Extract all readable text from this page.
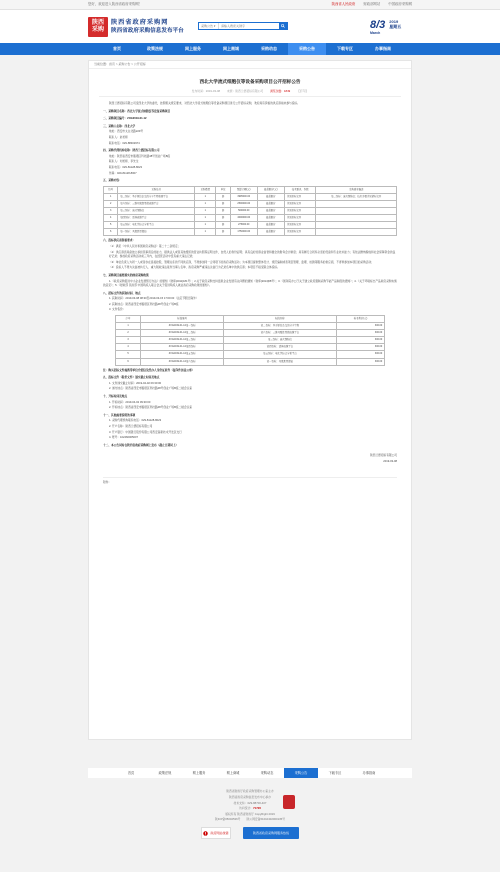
您好，欢迎进入陕西省政府采购网！	陕西省人民政府 财政部网站 中国政府采购网
陕西
采购
陕西省政府采购网
陕西省政府采购信息发布平台
采购公告 ▾
请输入搜索关键字	8/3
March
2019
星期五
首页	政策法规	网上服务	网上商城	采购动态	采购公告	下载专区	办事指南
当前位置：首页 > 采购公告 > 公开招标
西北大学流式细胞仪等设备采购项目公开招标公告
发布时间：2019-03-08 来源：陕西兰德招标有限公司 浏览次数：1849 【打印】

陕西兰德招标有限公司受西北大学的委托，按照相关规定要求，对西北大学流式细胞仪等设备采购项目进行公开招标采购，欢迎具有资格的供应商前来参与投标。

一、采购项目名称：西北大学流式细胞仪等设备采购项目

二、采购项目编号：ZXG2019-01-12

三、采购人名称：西北大学

地址：西安市太白北路229号

联系人：赵老师

联系电话：029-88302974

四、采购代理机构名称：陕西兰德招标有限公司

地址：陕西省西安市雁塔区科技路48号创业广场B座

联系人：刘老师、李先生

联系电话：029-81128-8023

传真：029-81128-8007

五、采购内容：

包号	采购品目	采购数量	单位	预算金额(元)	最高限价(元)	技术要求、参数	采购需求描述
1	第二包标：基于原位杂交的分子生物检测平台	1	套	3995000.00	最高限价	详见招标文件	第二包标：流式细胞仪；技术参数详见招标文件
2	第六包标：三维共聚焦显微成像平台	1	套	2500000.00	最高限价	详见招标文件	
3	第三包标：流式细胞仪	1	套	500000.00	最高限价	详见招标文件	
4	第四包标：活体成像平台	1	套	4000000.00	最高限价	详见招标文件	
5	第五包标：电化学综合分析平台	1	套	275000.00	最高限价	详见招标文件	
6	第一包标：共聚焦显微镜	1	套	1750000.00	最高限价	详见招标文件	

六、投标供应商资格要求：

（1）满足《中华人民共和国政府采购法》第二十二条规定；

（2）供应商需具备独立承担民事责任的能力，提供法人或者其他组织的营业执照等证明文件，自然人的身份证明；具有良好的商业信誉和健全的财务会计制度；具有履行合同所必需的设备和专业技术能力；有依法缴纳税收和社会保障资金的良好记录；参加政府采购活动前三年内，在经营活动中没有重大违法记录；

（3）单位负责人为同一人或者存在直接控股、管理关系的不同供应商，不得参加同一合同项下的政府采购活动；为本项目提供整体设计、规范编制或者项目管理、监理、检测等服务的供应商，不得再参加本项目的采购活动；

（4）投标人不得为失信被执行人、重大税收违法案件当事人名单、政府采购严重违法失信行为记录名单中的供应商；本项目不接受联合体投标。

七、采购项目需要落实的政府采购政策

1.《政府采购促进中小企业发展暂行办法》的通知（财库[2011]181号）；2.关于政府采购支持监狱企业发展有关问题的通知（财库[2014]68号）；3.《国务院办公厅关于建立政府强制采购节能产品制度的通知》；4.《关于环境标志产品政府采购实施的意见》；5.《财政部 民政部 中国残疾人联合会关于促进残疾人就业政府采购政策的通知》。

八、招标文件的获取时间、地点

1. 获取时间：2019-03-08 08:30至2019-03-15 17:00:00（法定节假日除外）

2. 获取地点：陕西省西安市雁塔区科技路48号创业广场B座

3. 文件售价：

序号	标段编号	标段名称	标书售价(元)
1	ZXG2019-01-12第一包标	第二包标：基于原位杂交的分子生物	300.00
2	ZXG2019-01-12第二包标	第六包标：三维共聚焦显微成像平台	300.00
3	ZXG2019-01-12第三包标	第三包标：流式细胞仪	300.00
4	ZXG2019-01-12第四包标	第四包标：活体成像平台	300.00
5	ZXG2019-01-12第五包标	第五包标：电化学综合分析平台	300.00
6	ZXG2019-01-12第六包标	第一包标：共聚焦显微镜	300.00

注：购买招标文件需携带单位介绍信及经办人身份证原件（复印件加盖公章）

九、投标文件（报价文件）递交截止时间及地点

1. 文件递交截止时间：2019-04-02 09:30:00

2. 递交地点：陕西省西安市雁塔区科技路48号创业广场B座二楼会议室

十、开标时间及地点

1. 开标时间：2019-04-02 09:30:00

2. 开标地点：陕西省西安市雁塔区科技路48号创业广场B座二楼会议室

十一、其他需要说明的事项

1. 采购代理机构联系电话：029-81128-8023

2. 开户名称：陕西兰德招标有限公司

3. 开户银行：中国银行股份有限公司西安高新技术开发区支行

4. 账号：102460005007

十二、本公告同时在陕西省政府采购网上发布（截止日期同上）

陕西兰德招标有限公司

2019-03-08

附件：
首页	政策法规	网上服务	网上商城	采购动态	采购公告	下载专区	办事指南

陕西省财政厅政府采购管理办公室主办

陕西省政府采购信息发布中心承办

技术支持：029-88700-407

访问统计：71726

版权所有 陕西省财政厅 CopyRight 2019

陕ICP备05002536号 陕公网安备61010402000135号
政府网站找错	陕西省政府采购网服务热线
